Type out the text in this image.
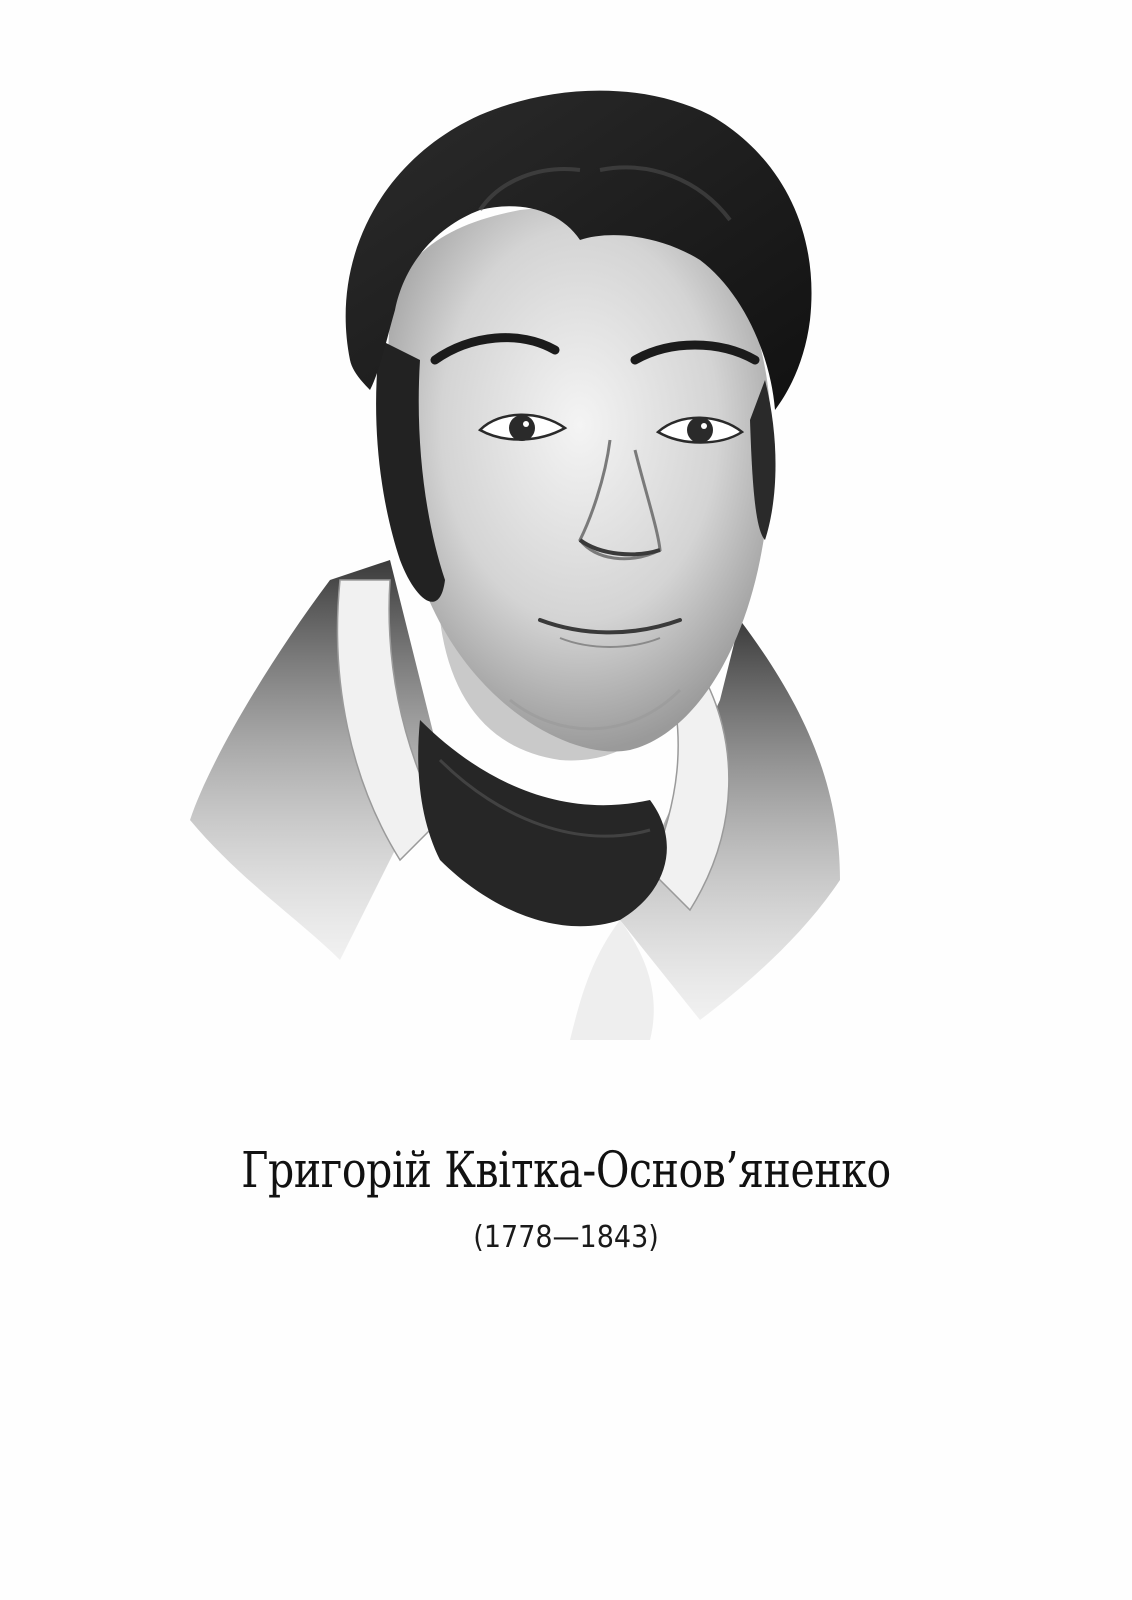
Григорій Квітка-Основ’яненко
(1778—1843)
